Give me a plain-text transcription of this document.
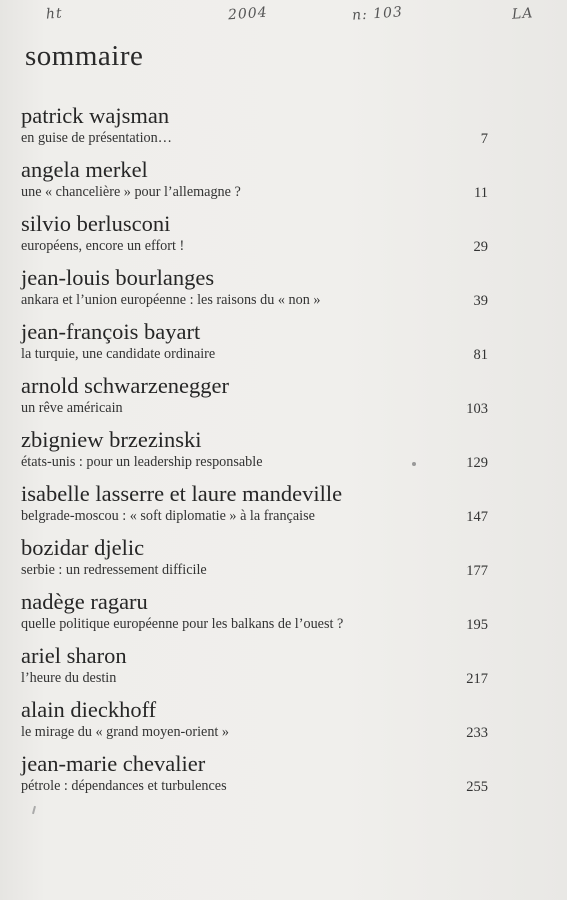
ht	2004	n: 103	LA
sommaire
patrick wajsman
en guise de présentation…	7
angela merkel
une « chancelière » pour l’allemagne ?	11
silvio berlusconi
européens, encore un effort !	29
jean-louis bourlanges
ankara et l’union européenne : les raisons du « non »	39
jean-françois bayart
la turquie, une candidate ordinaire	81
arnold schwarzenegger
un rêve américain	103
zbigniew brzezinski
états-unis : pour un leadership responsable	129
isabelle lasserre et laure mandeville
belgrade-moscou : « soft diplomatie » à la française	147
bozidar djelic
serbie : un redressement difficile	177
nadège ragaru
quelle politique européenne pour les balkans de l’ouest ?	195
ariel sharon
l’heure du destin	217
alain dieckhoff
le mirage du « grand moyen-orient »	233
jean-marie chevalier
pétrole : dépendances et turbulences	255
